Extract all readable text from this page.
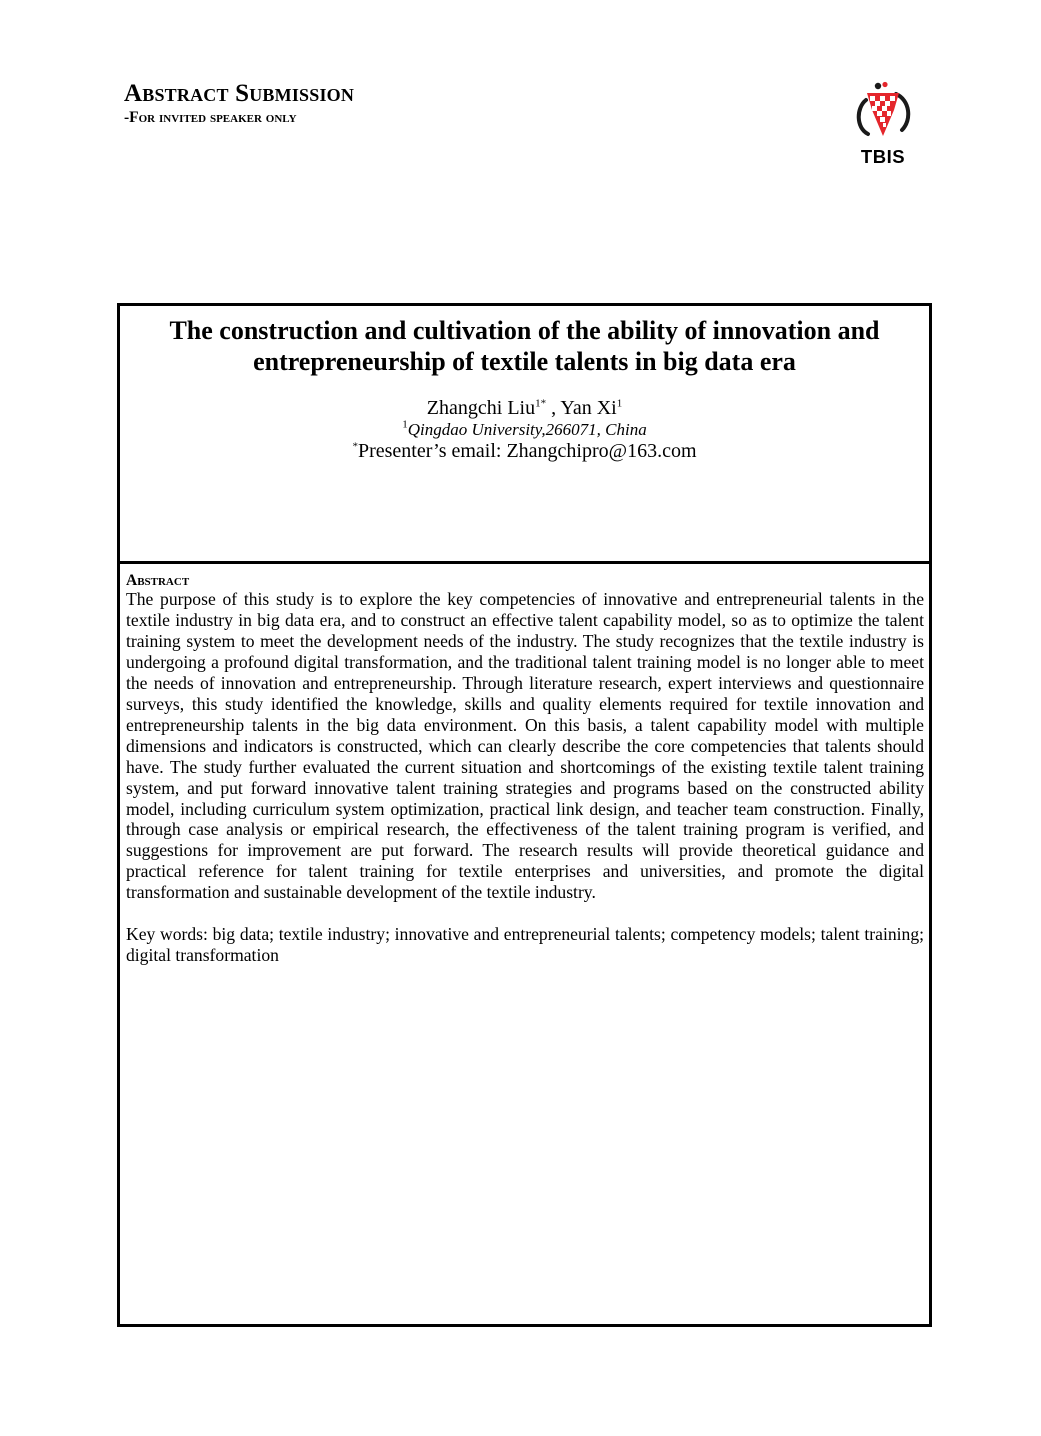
Abstract Submission
-For invited speaker only
TBIS
The construction and cultivation of the ability of innovation and entrepreneurship of textile talents in big data era
Zhangchi Liu$^{1*}$ , Yan Xi$^1$
$^1$Qingdao University,266071, China
*Presenter’s email: Zhangchipro@163.com
Abstract

The purpose of this study is to explore the key competencies of innovative and entrepreneurial talents in the textile industry in big data era, and to construct an effective talent capability model, so as to optimize the talent training system to meet the development needs of the industry. The study recognizes that the textile industry is undergoing a profound digital transformation, and the traditional talent training model is no longer able to meet the needs of innovation and entrepreneurship. Through literature research, expert interviews and questionnaire surveys, this study identified the knowledge, skills and quality elements required for textile innovation and entrepreneurship talents in the big data environment. On this basis, a talent capability model with multiple dimensions and indicators is constructed, which can clearly describe the core competencies that talents should have. The study further evaluated the current situation and shortcomings of the existing textile talent training system, and put forward innovative talent training strategies and programs based on the constructed ability model, including curriculum system optimization, practical link design, and teacher team construction. Finally, through case analysis or empirical research, the effectiveness of the talent training program is verified, and suggestions for improvement are put forward. The research results will provide theoretical guidance and practical reference for talent training for textile enterprises and universities, and promote the digital transformation and sustainable development of the textile industry.

Key words: big data; textile industry; innovative and entrepreneurial talents; competency models; talent training; digital transformation
